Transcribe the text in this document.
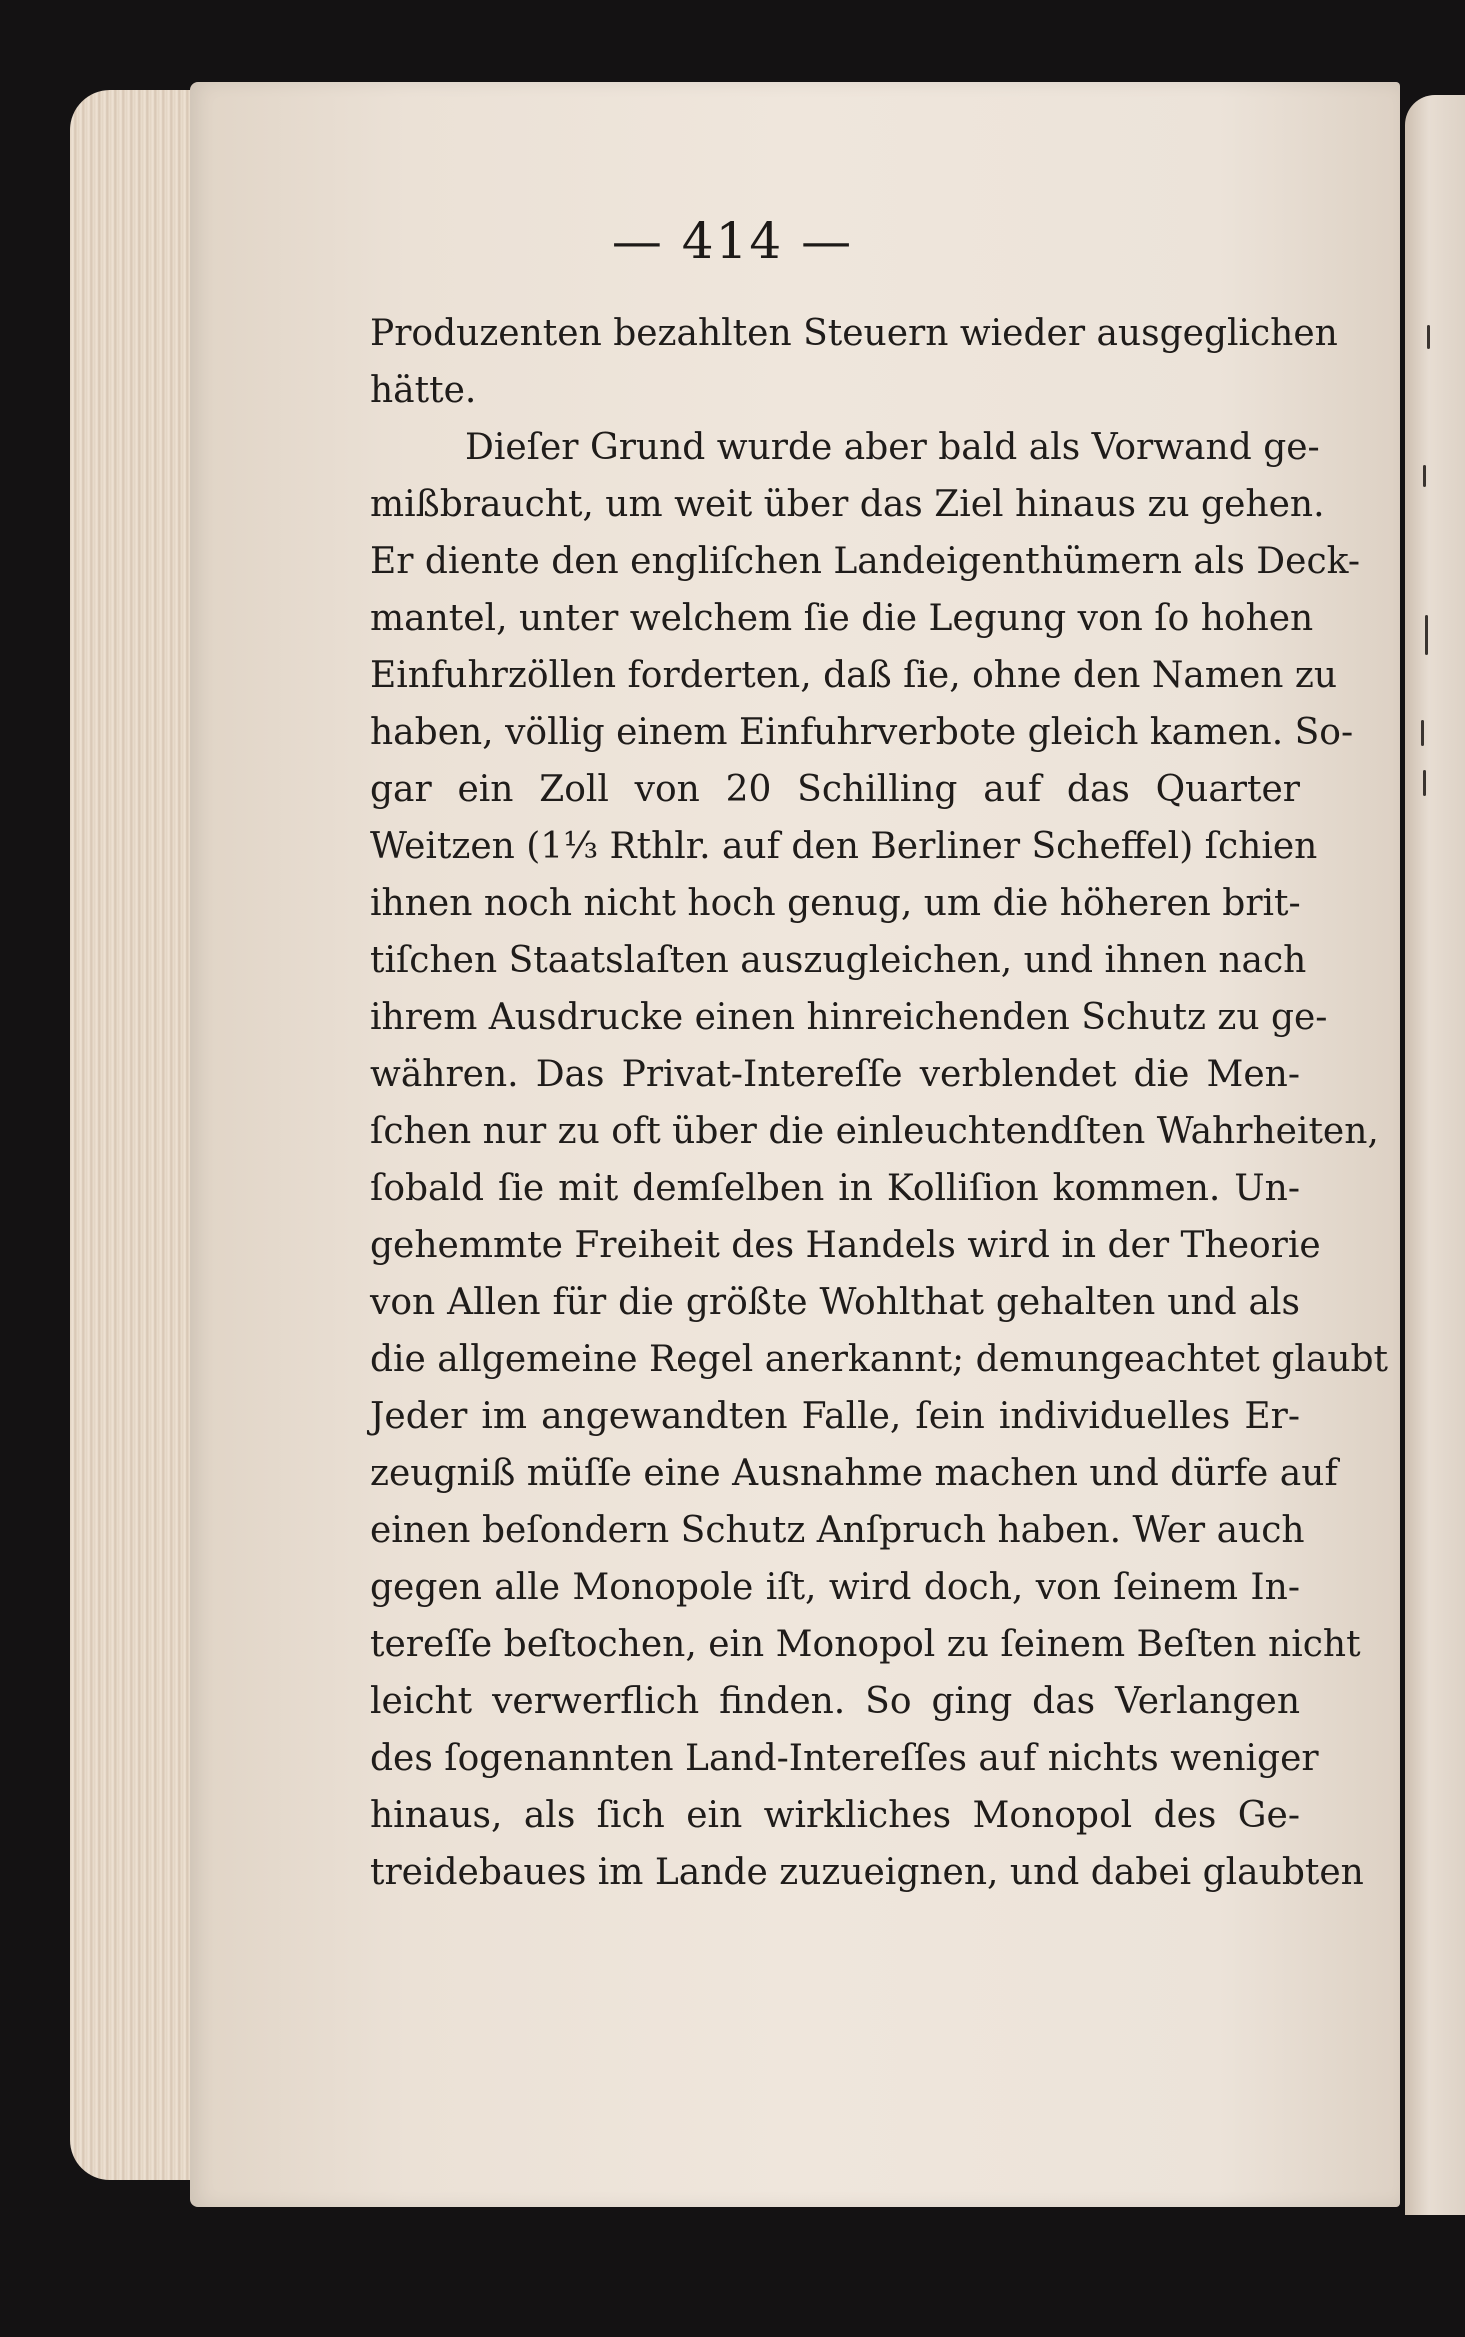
— 414 —
Produzenten bezahlten Steuern wieder ausgeglichen
hätte.
Dieſer Grund wurde aber bald als Vorwand ge-
mißbraucht, um weit über das Ziel hinaus zu gehen.
Er diente den engliſchen Landeigenthümern als Deck-
mantel, unter welchem ſie die Legung von ſo hohen
Einfuhrzöllen forderten, daß ſie, ohne den Namen zu
haben, völlig einem Einfuhrverbote gleich kamen. So-
gar ein Zoll von 20 Schilling auf das Quarter
Weitzen (1⅓ Rthlr. auf den Berliner Scheffel) ſchien
ihnen noch nicht hoch genug, um die höheren brit-
tiſchen Staatslaſten auszugleichen, und ihnen nach
ihrem Ausdrucke einen hinreichenden Schutz zu ge-
währen. Das Privat-Intereſſe verblendet die Men-
ſchen nur zu oft über die einleuchtendſten Wahrheiten,
ſobald ſie mit demſelben in Kolliſion kommen. Un-
gehemmte Freiheit des Handels wird in der Theorie
von Allen für die größte Wohlthat gehalten und als
die allgemeine Regel anerkannt; demungeachtet glaubt
Jeder im angewandten Falle, ſein individuelles Er-
zeugniß müſſe eine Ausnahme machen und dürfe auf
einen beſondern Schutz Anſpruch haben. Wer auch
gegen alle Monopole iſt, wird doch, von ſeinem In-
tereſſe beſtochen, ein Monopol zu ſeinem Beſten nicht
leicht verwerflich finden. So ging das Verlangen
des ſogenannten Land-Intereſſes auf nichts weniger
hinaus, als ſich ein wirkliches Monopol des Ge-
treidebaues im Lande zuzueignen, und dabei glaubten
